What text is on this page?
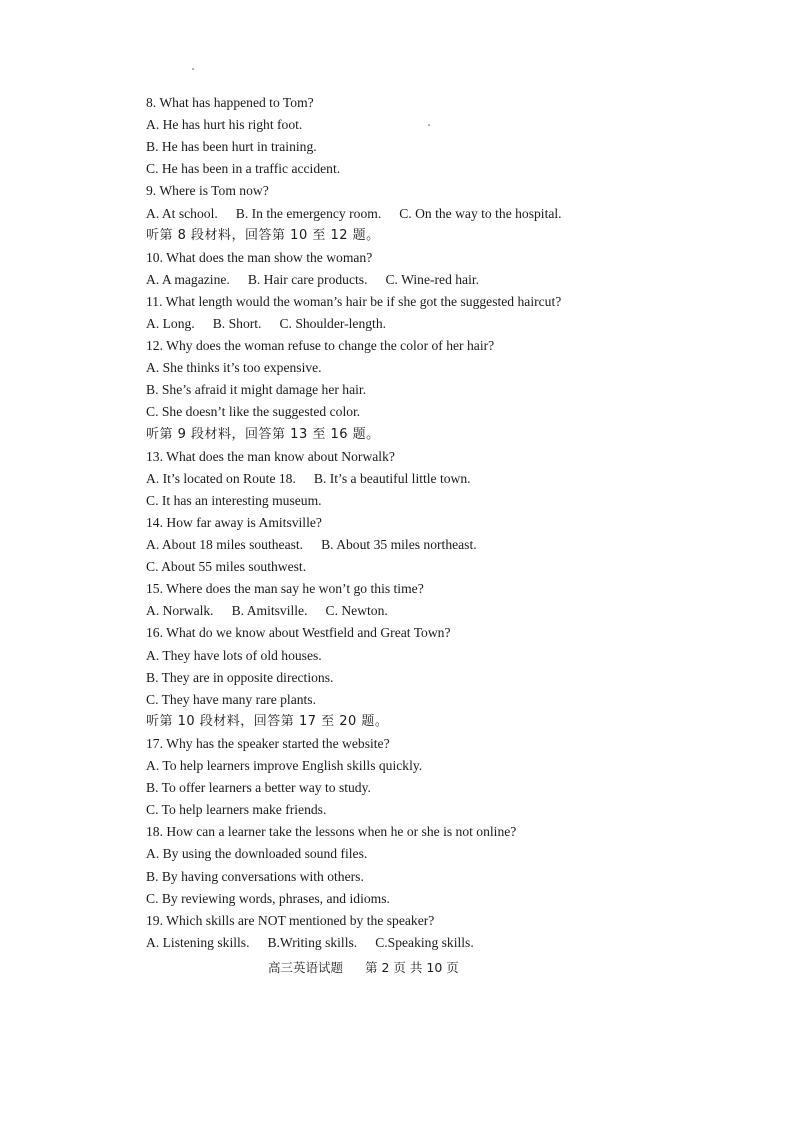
8. What has happened to Tom?
A. He has hurt his right foot.
B. He has been hurt in training.
C. He has been in a traffic accident.
9. Where is Tom now?
A. At school. B. In the emergency room. C. On the way to the hospital.
听第 8 段材料，回答第 10 至 12 题。
10. What does the man show the woman?
A. A magazine. B. Hair care products. C. Wine-red hair.
11. What length would the woman’s hair be if she got the suggested haircut?
A. Long. B. Short. C. Shoulder-length.
12. Why does the woman refuse to change the color of her hair?
A. She thinks it’s too expensive.
B. She’s afraid it might damage her hair.
C. She doesn’t like the suggested color.
听第 9 段材料，回答第 13 至 16 题。
13. What does the man know about Norwalk?
A. It’s located on Route 18. B. It’s a beautiful little town.
C. It has an interesting museum.
14. How far away is Amitsville?
A. About 18 miles southeast. B. About 35 miles northeast.
C. About 55 miles southwest.
15. Where does the man say he won’t go this time?
A. Norwalk. B. Amitsville. C. Newton.
16. What do we know about Westfield and Great Town?
A. They have lots of old houses.
B. They are in opposite directions.
C. They have many rare plants.
听第 10 段材料，回答第 17 至 20 题。
17. Why has the speaker started the website?
A. To help learners improve English skills quickly.
B. To offer learners a better way to study.
C. To help learners make friends.
18. How can a learner take the lessons when he or she is not online?
A. By using the downloaded sound files.
B. By having conversations with others.
C. By reviewing words, phrases, and idioms.
19. Which skills are NOT mentioned by the speaker?
A. Listening skills. B.Writing skills. C.Speaking skills.
高三英语试题 第 2 页 共 10 页
